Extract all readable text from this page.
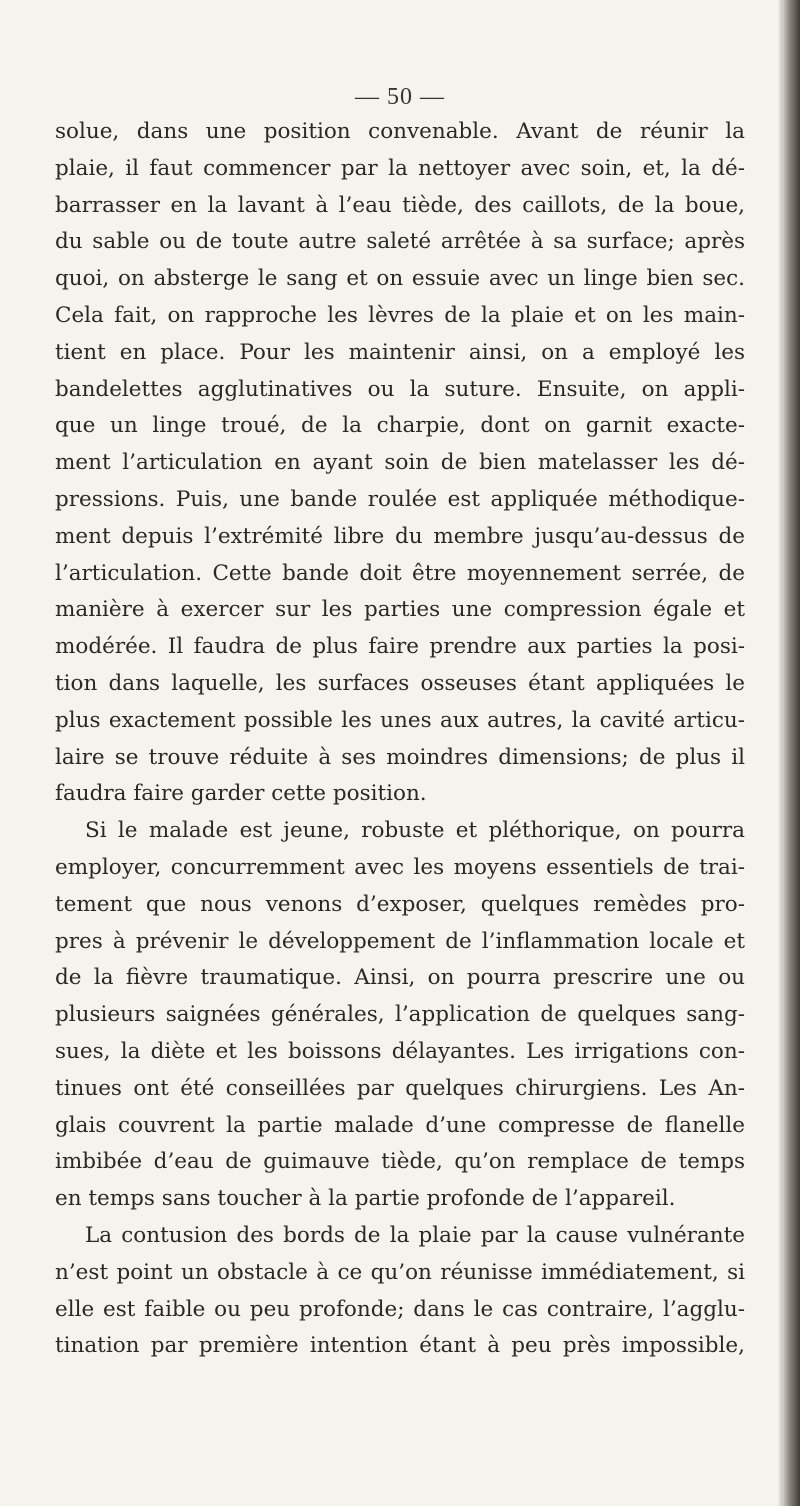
— 50 —
solue, dans une position convenable. Avant de réunir la
plaie, il faut commencer par la nettoyer avec soin, et, la dé-
barrasser en la lavant à l’eau tiède, des caillots, de la boue,
du sable ou de toute autre saleté arrêtée à sa surface; après
quoi, on absterge le sang et on essuie avec un linge bien sec.
Cela fait, on rapproche les lèvres de la plaie et on les main-
tient en place. Pour les maintenir ainsi, on a employé les
bandelettes agglutinatives ou la suture. Ensuite, on appli-
que un linge troué, de la charpie, dont on garnit exacte-
ment l’articulation en ayant soin de bien matelasser les dé-
pressions. Puis, une bande roulée est appliquée méthodique-
ment depuis l’extrémité libre du membre jusqu’au-dessus de
l’articulation. Cette bande doit être moyennement serrée, de
manière à exercer sur les parties une compression égale et
modérée. Il faudra de plus faire prendre aux parties la posi-
tion dans laquelle, les surfaces osseuses étant appliquées le
plus exactement possible les unes aux autres, la cavité articu-
laire se trouve réduite à ses moindres dimensions; de plus il
faudra faire garder cette position.
Si le malade est jeune, robuste et pléthorique, on pourra
employer, concurremment avec les moyens essentiels de trai-
tement que nous venons d’exposer, quelques remèdes pro-
pres à prévenir le développement de l’inflammation locale et
de la fièvre traumatique. Ainsi, on pourra prescrire une ou
plusieurs saignées générales, l’application de quelques sang-
sues, la diète et les boissons délayantes. Les irrigations con-
tinues ont été conseillées par quelques chirurgiens. Les An-
glais couvrent la partie malade d’une compresse de flanelle
imbibée d’eau de guimauve tiède, qu’on remplace de temps
en temps sans toucher à la partie profonde de l’appareil.
La contusion des bords de la plaie par la cause vulnérante
n’est point un obstacle à ce qu’on réunisse immédiatement, si
elle est faible ou peu profonde; dans le cas contraire, l’agglu-
tination par première intention étant à peu près impossible,
